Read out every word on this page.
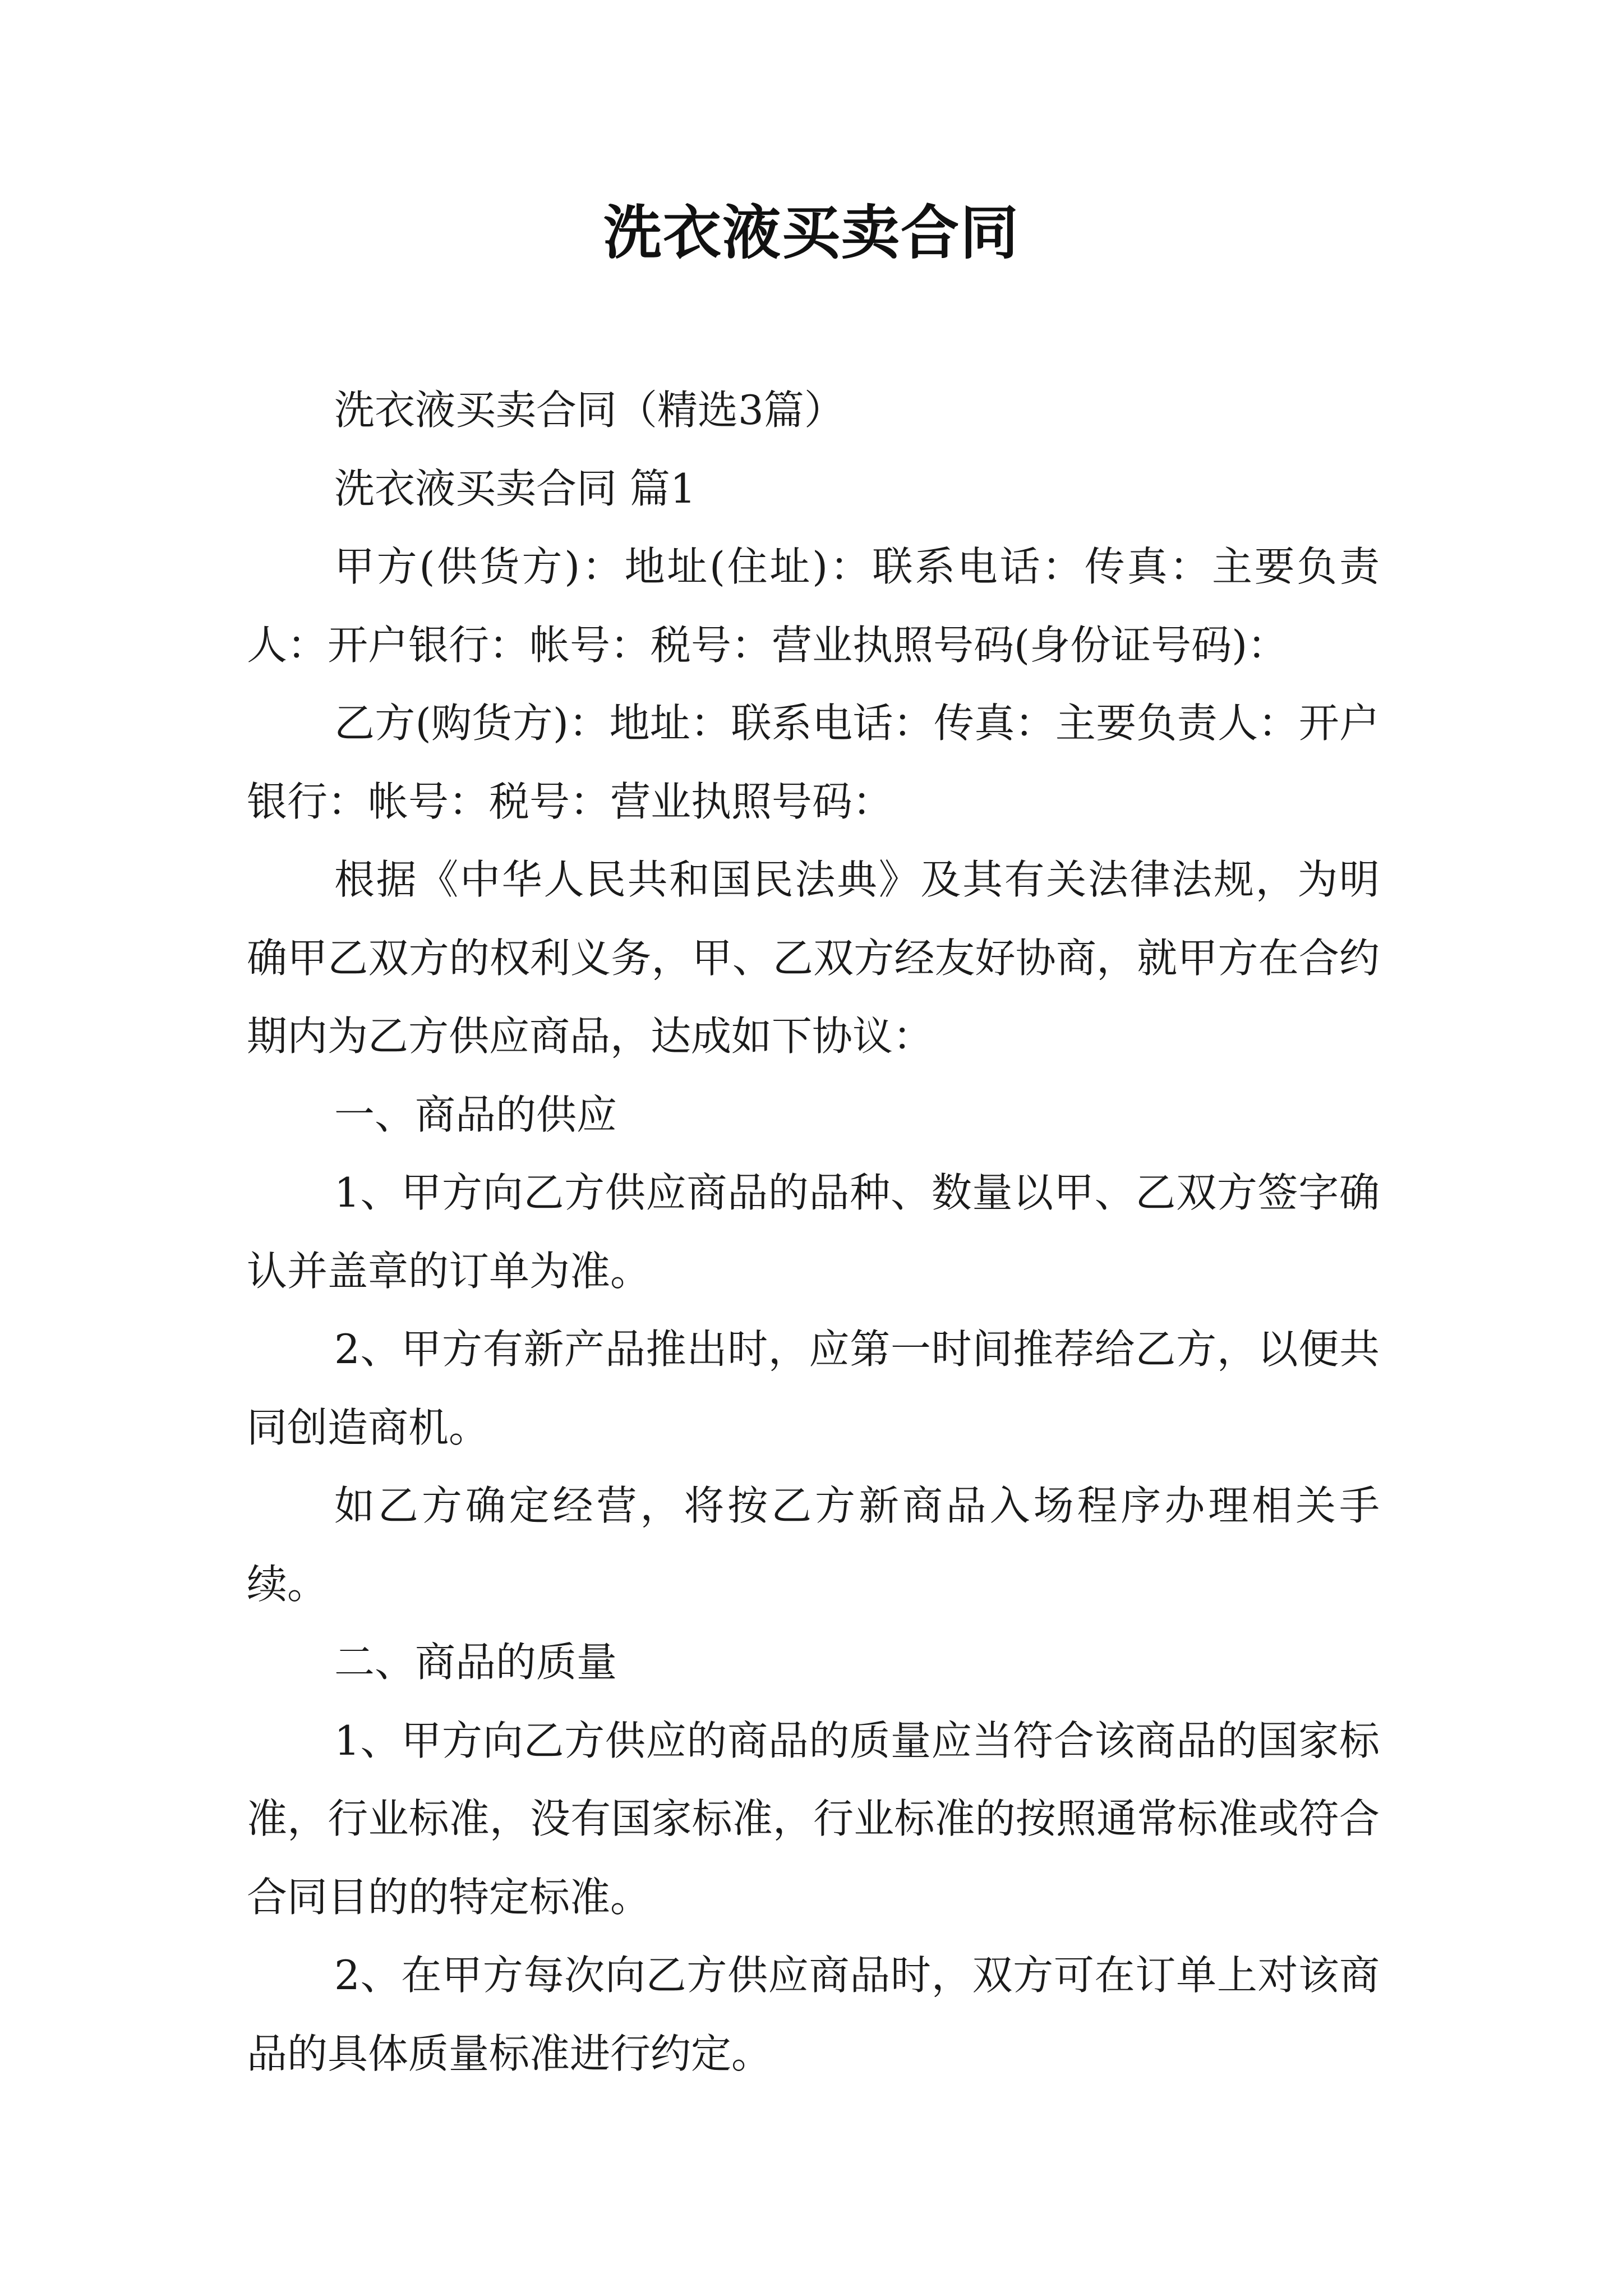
洗衣液买卖合同

洗衣液买卖合同（精选3篇）

洗衣液买卖合同 篇1

甲方(供货方)：地址(住址)：联系电话：传真：主要负责人：开户银行：帐号：税号：营业执照号码(身份证号码)：

乙方(购货方)：地址：联系电话：传真：主要负责人：开户银行：帐号：税号：营业执照号码：

根据《中华人民共和国民法典》及其有关法律法规，为明确甲乙双方的权利义务，甲、乙双方经友好协商，就甲方在合约期内为乙方供应商品，达成如下协议：

一、商品的供应

1、甲方向乙方供应商品的品种、数量以甲、乙双方签字确认并盖章的订单为准。

2、甲方有新产品推出时，应第一时间推荐给乙方，以便共同创造商机。

如乙方确定经营，将按乙方新商品入场程序办理相关手续。

二、商品的质量

1、甲方向乙方供应的商品的质量应当符合该商品的国家标准，行业标准，没有国家标准，行业标准的按照通常标准或符合合同目的的特定标准。

2、在甲方每次向乙方供应商品时，双方可在订单上对该商品的具体质量标准进行约定。
